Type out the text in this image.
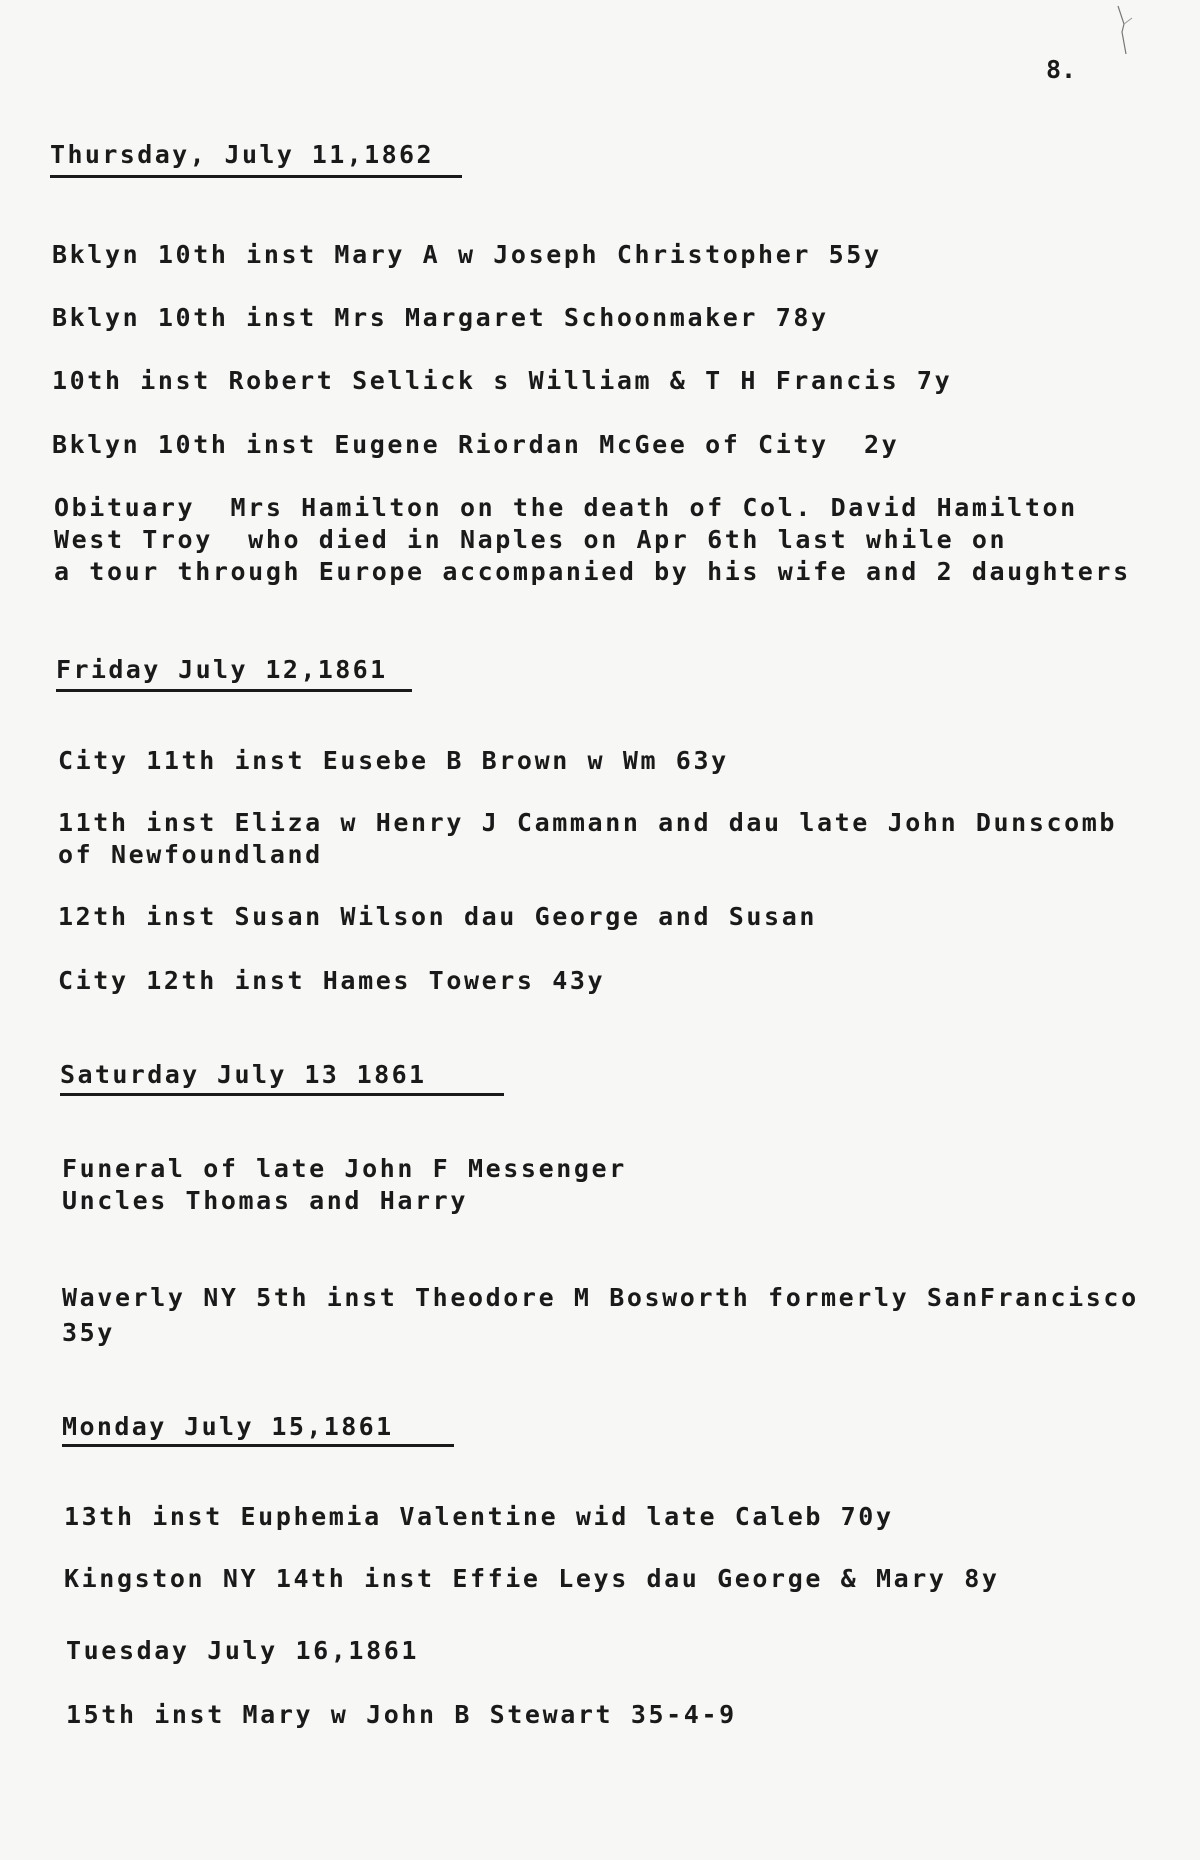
8.
Thursday, July 11,1862
Bklyn 10th inst Mary A w Joseph Christopher 55y
Bklyn 10th inst Mrs Margaret Schoonmaker 78y
10th inst Robert Sellick s William & T H Francis 7y
Bklyn 10th inst Eugene Riordan McGee of City  2y
Obituary  Mrs Hamilton on the death of Col. David Hamilton
West Troy  who died in Naples on Apr 6th last while on
a tour through Europe accompanied by his wife and 2 daughters
Friday July 12,1861
City 11th inst Eusebe B Brown w Wm 63y
11th inst Eliza w Henry J Cammann and dau late John Dunscomb
of Newfoundland
12th inst Susan Wilson dau George and Susan
City 12th inst Hames Towers 43y
Saturday July 13 1861
Funeral of late John F Messenger
Uncles Thomas and Harry
Waverly NY 5th inst Theodore M Bosworth formerly SanFrancisco
35y
Monday July 15,1861
13th inst Euphemia Valentine wid late Caleb 70y
Kingston NY 14th inst Effie Leys dau George & Mary 8y
Tuesday July 16,1861
15th inst Mary w John B Stewart 35-4-9
